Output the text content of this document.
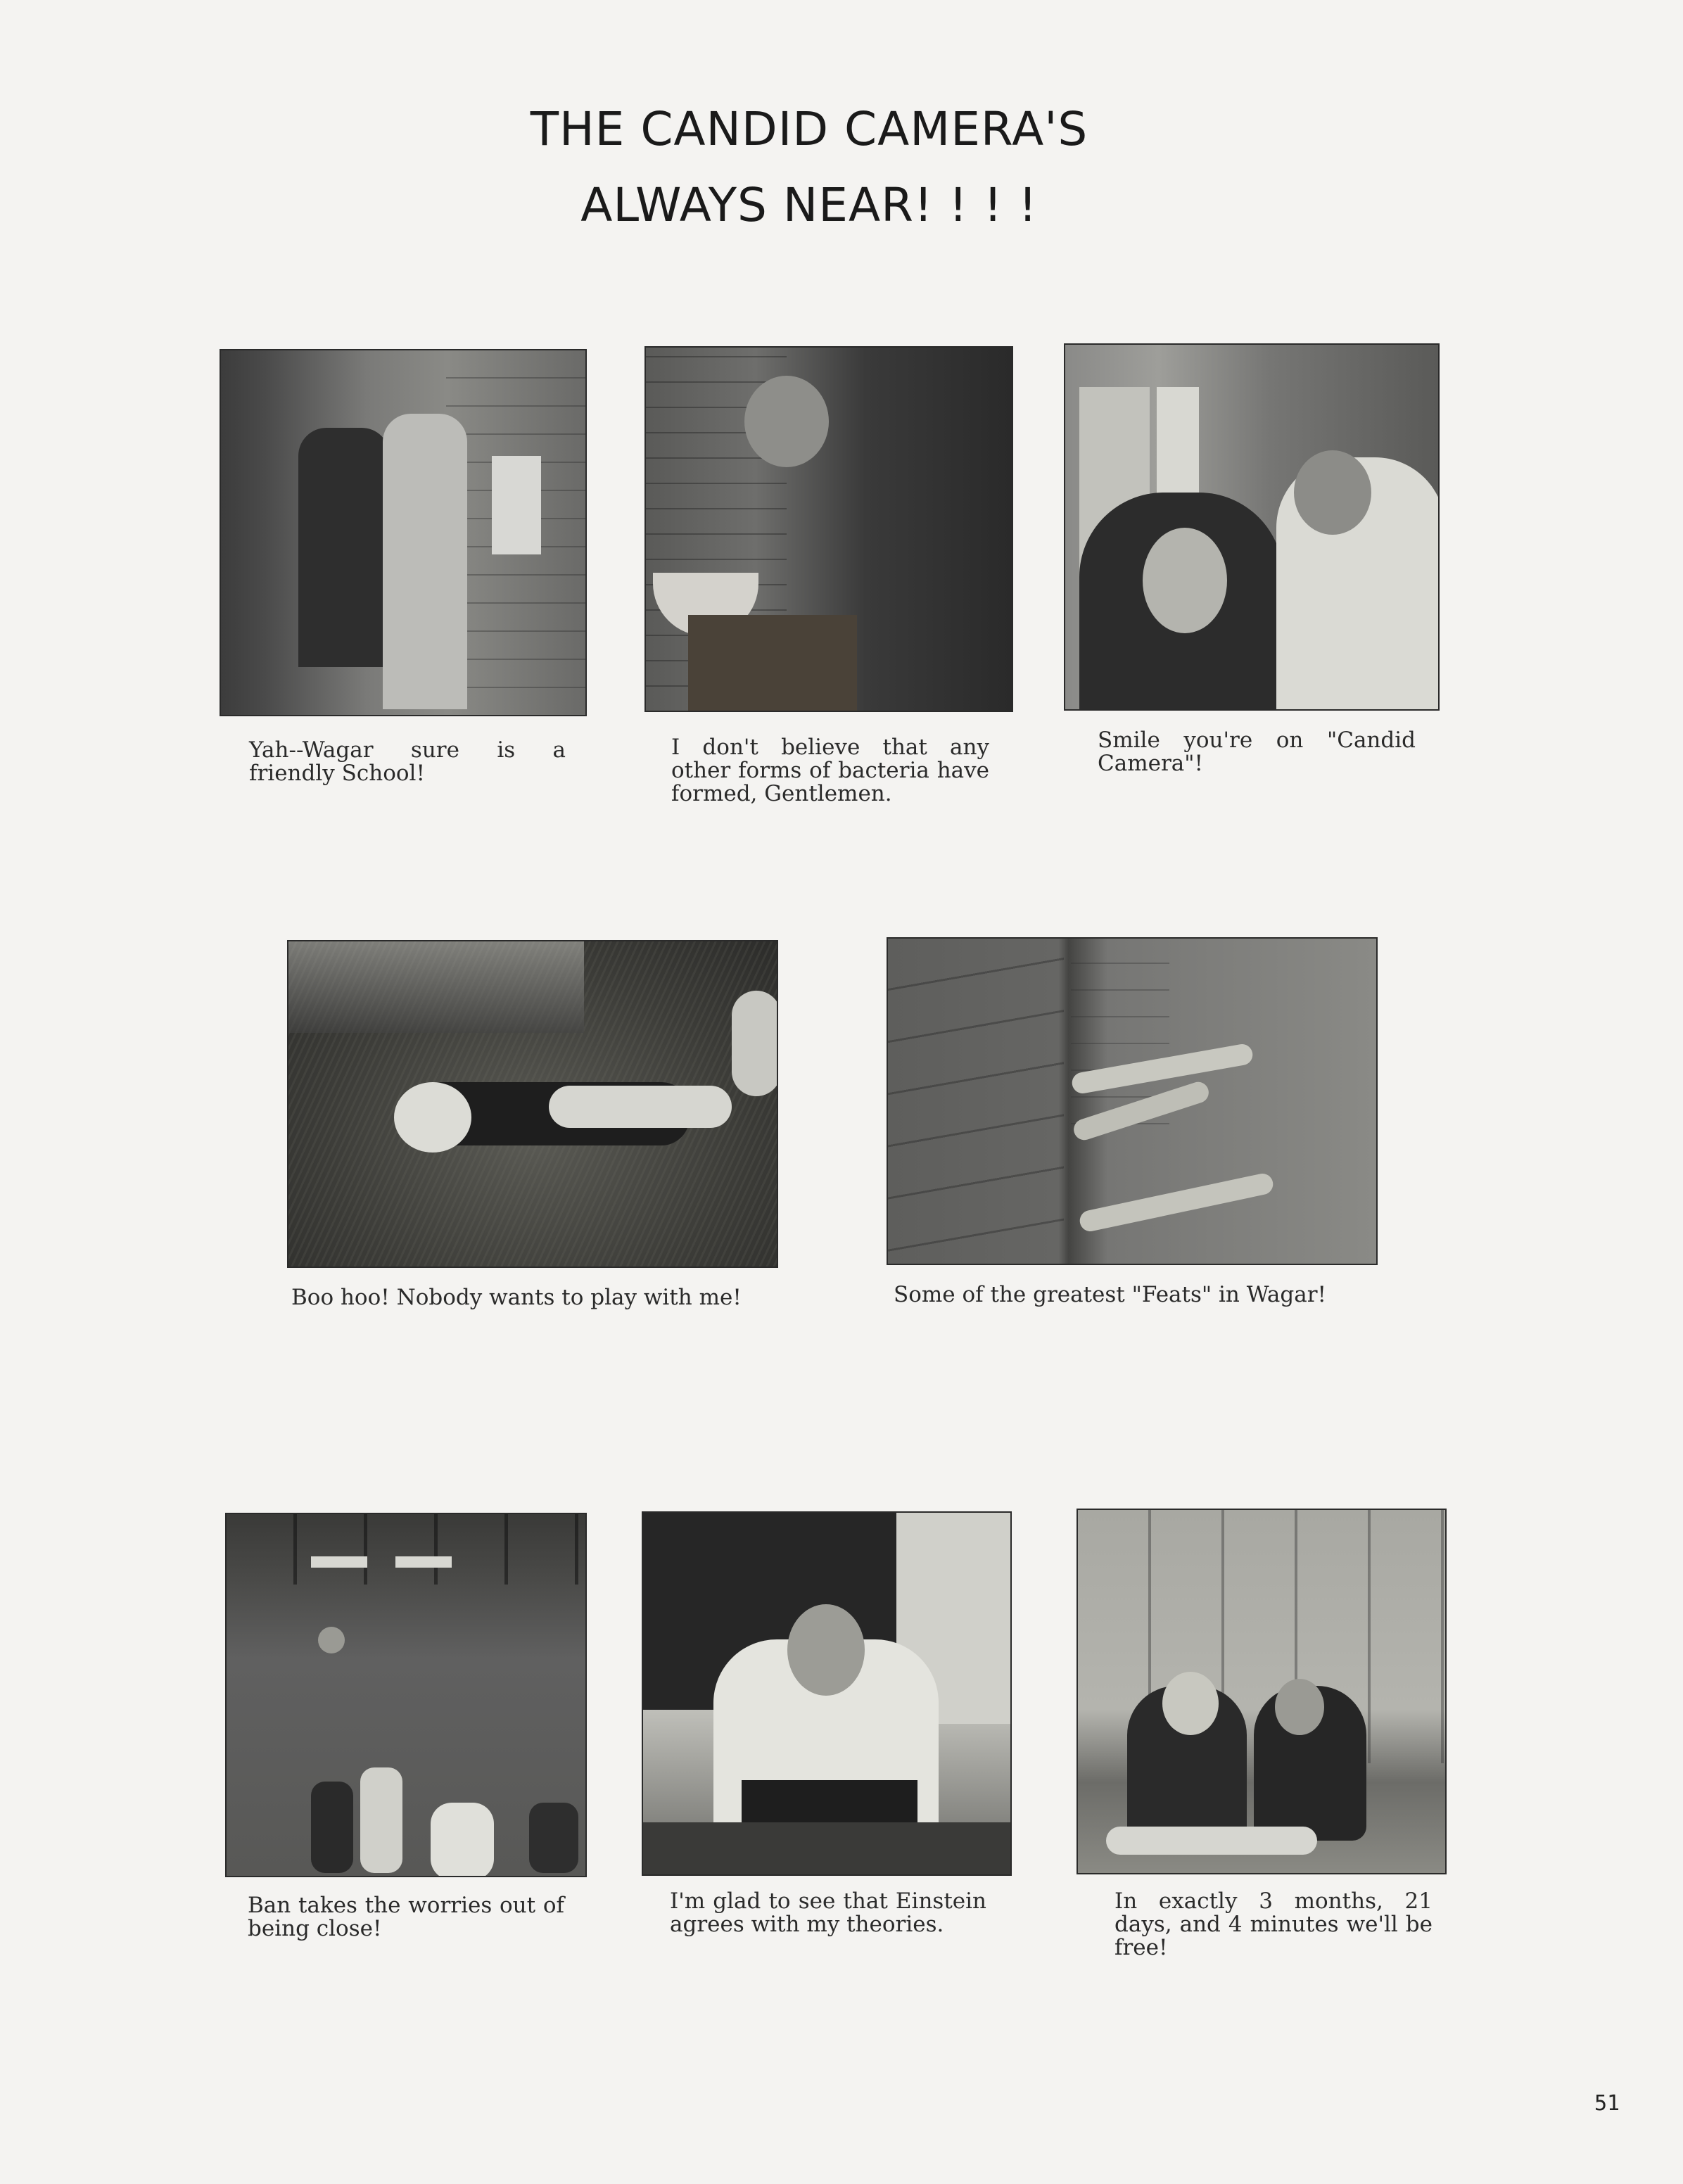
THE CANDID CAMERA'S
ALWAYS NEAR! ! ! !
Yah--Wagar sure is a friendly School!
I don't believe that any other forms of bacteria have formed, Gentlemen.
Smile you're on "Candid Camera"!
Boo hoo! Nobody wants to play with me!	Some of the greatest "Feats" in Wagar!
Ban takes the worries out of being close!
I'm glad to see that Einstein agrees with my theories.
In exactly 3 months, 21 days, and 4 minutes we'll be free!
51
